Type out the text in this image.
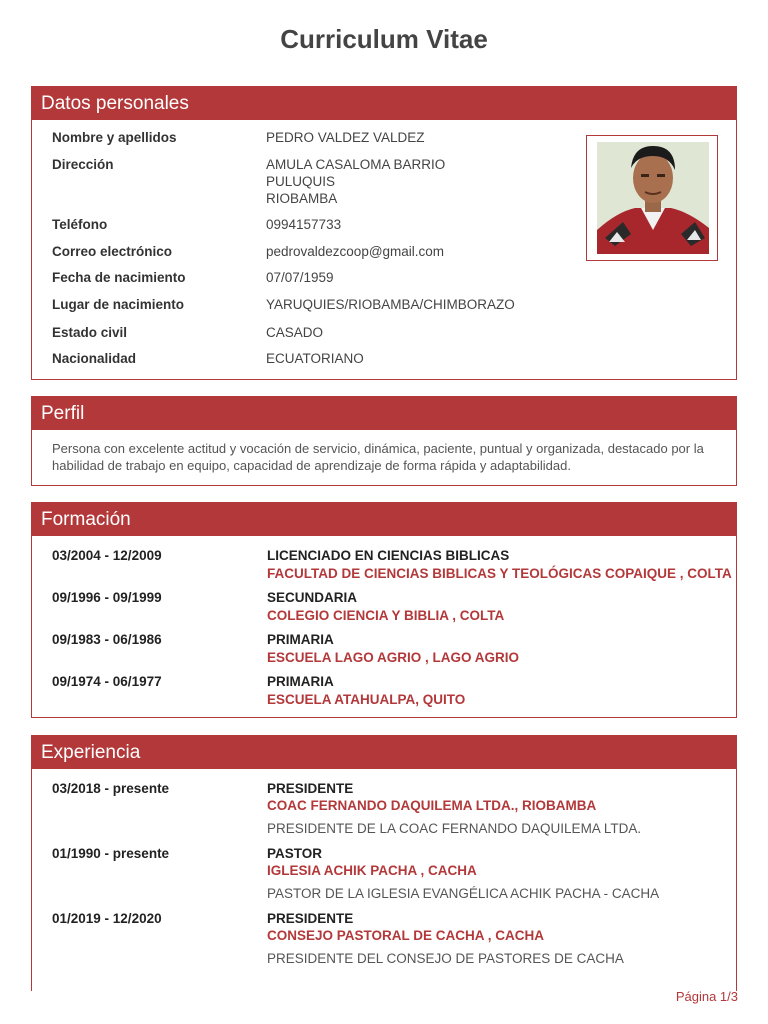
Curriculum Vitae
Datos personales
Nombre y apellidos	PEDRO VALDEZ VALDEZ
Dirección	AMULA CASALOMA BARRIO
PULUQUIS
RIOBAMBA
Teléfono	0994157733
Correo electrónico	pedrovaldezcoop@gmail.com
Fecha de nacimiento	07/07/1959
Lugar de nacimiento	YARUQUIES/RIOBAMBA/CHIMBORAZO
Estado civil	CASADO
Nacionalidad	ECUATORIANO
Perfil
Persona con excelente actitud y vocación de servicio, dinámica, paciente, puntual y organizada, destacado por la habilidad de trabajo en equipo, capacidad de aprendizaje de forma rápida y adaptabilidad.
Formación
03/2004 - 12/2009	LICENCIADO EN CIENCIAS BIBLICAS
FACULTAD DE CIENCIAS BIBLICAS Y TEOLÓGICAS COPAIQUE , COLTA
09/1996 - 09/1999	SECUNDARIA
COLEGIO CIENCIA Y BIBLIA , COLTA
09/1983 - 06/1986	PRIMARIA
ESCUELA LAGO AGRIO , LAGO AGRIO
09/1974 - 06/1977	PRIMARIA
ESCUELA ATAHUALPA, QUITO
Experiencia
03/2018 - presente	PRESIDENTE
COAC FERNANDO DAQUILEMA LTDA., RIOBAMBA
PRESIDENTE DE LA COAC FERNANDO DAQUILEMA LTDA.
01/1990 - presente	PASTOR
IGLESIA ACHIK PACHA , CACHA
PASTOR DE LA IGLESIA EVANGÉLICA ACHIK PACHA - CACHA
01/2019 - 12/2020	PRESIDENTE
CONSEJO PASTORAL DE CACHA , CACHA
PRESIDENTE DEL CONSEJO DE PASTORES DE CACHA
Página 1/3
